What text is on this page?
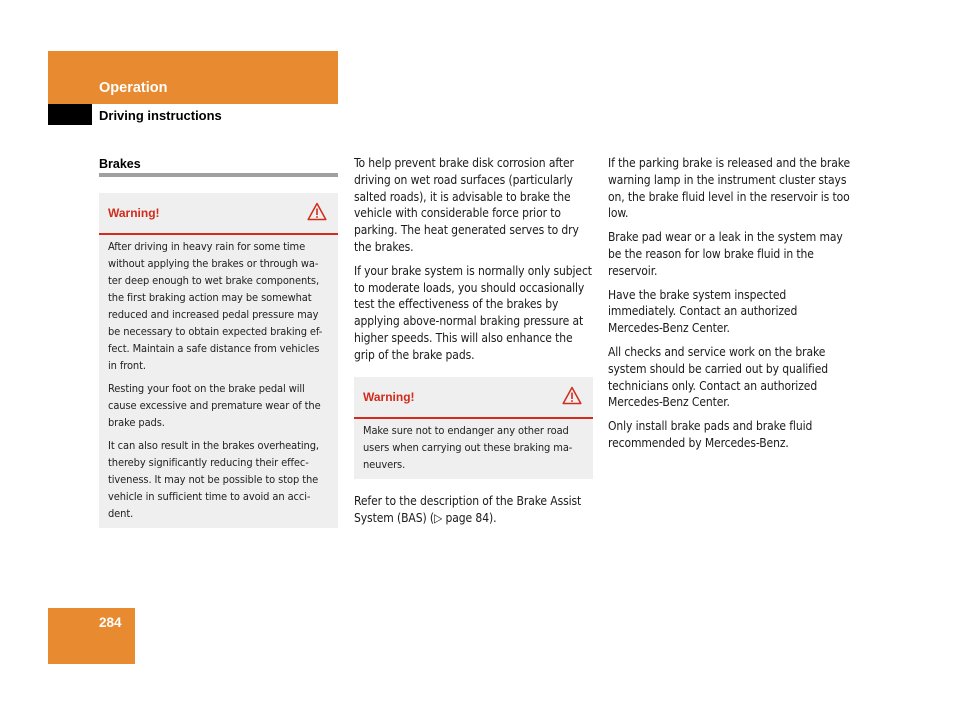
Operation
Driving instructions
Brakes
Warning!

After driving in heavy rain for some time without applying the brakes or through wa-ter deep enough to wet brake components, the first braking action may be somewhat reduced and increased pedal pressure may be necessary to obtain expected braking ef-fect. Maintain a safe distance from vehicles in front.

Resting your foot on the brake pedal will cause excessive and premature wear of the brake pads.

It can also result in the brakes overheating, thereby significantly reducing their effec-tiveness. It may not be possible to stop the vehicle in sufficient time to avoid an acci-dent.

To help prevent brake disk corrosion after driving on wet road surfaces (particularly salted roads), it is advisable to brake the vehicle with considerable force prior to parking. The heat generated serves to dry the brakes.

If your brake system is normally only subject to moderate loads, you should occasionally test the effectiveness of the brakes by applying above-normal braking pressure at higher speeds. This will also enhance the grip of the brake pads.

Warning!

Make sure not to endanger any other road users when carrying out these braking ma-neuvers.

Refer to the description of the Brake Assist System (BAS) (▷ page 84).

If the parking brake is released and the brake warning lamp in the instrument cluster stays on, the brake fluid level in the reservoir is too low.

Brake pad wear or a leak in the system may be the reason for low brake fluid in the reservoir.

Have the brake system inspected immediately. Contact an authorized Mercedes-Benz Center.

All checks and service work on the brake system should be carried out by qualified technicians only. Contact an authorized Mercedes-Benz Center.

Only install brake pads and brake fluid recommended by Mercedes-Benz.

284
